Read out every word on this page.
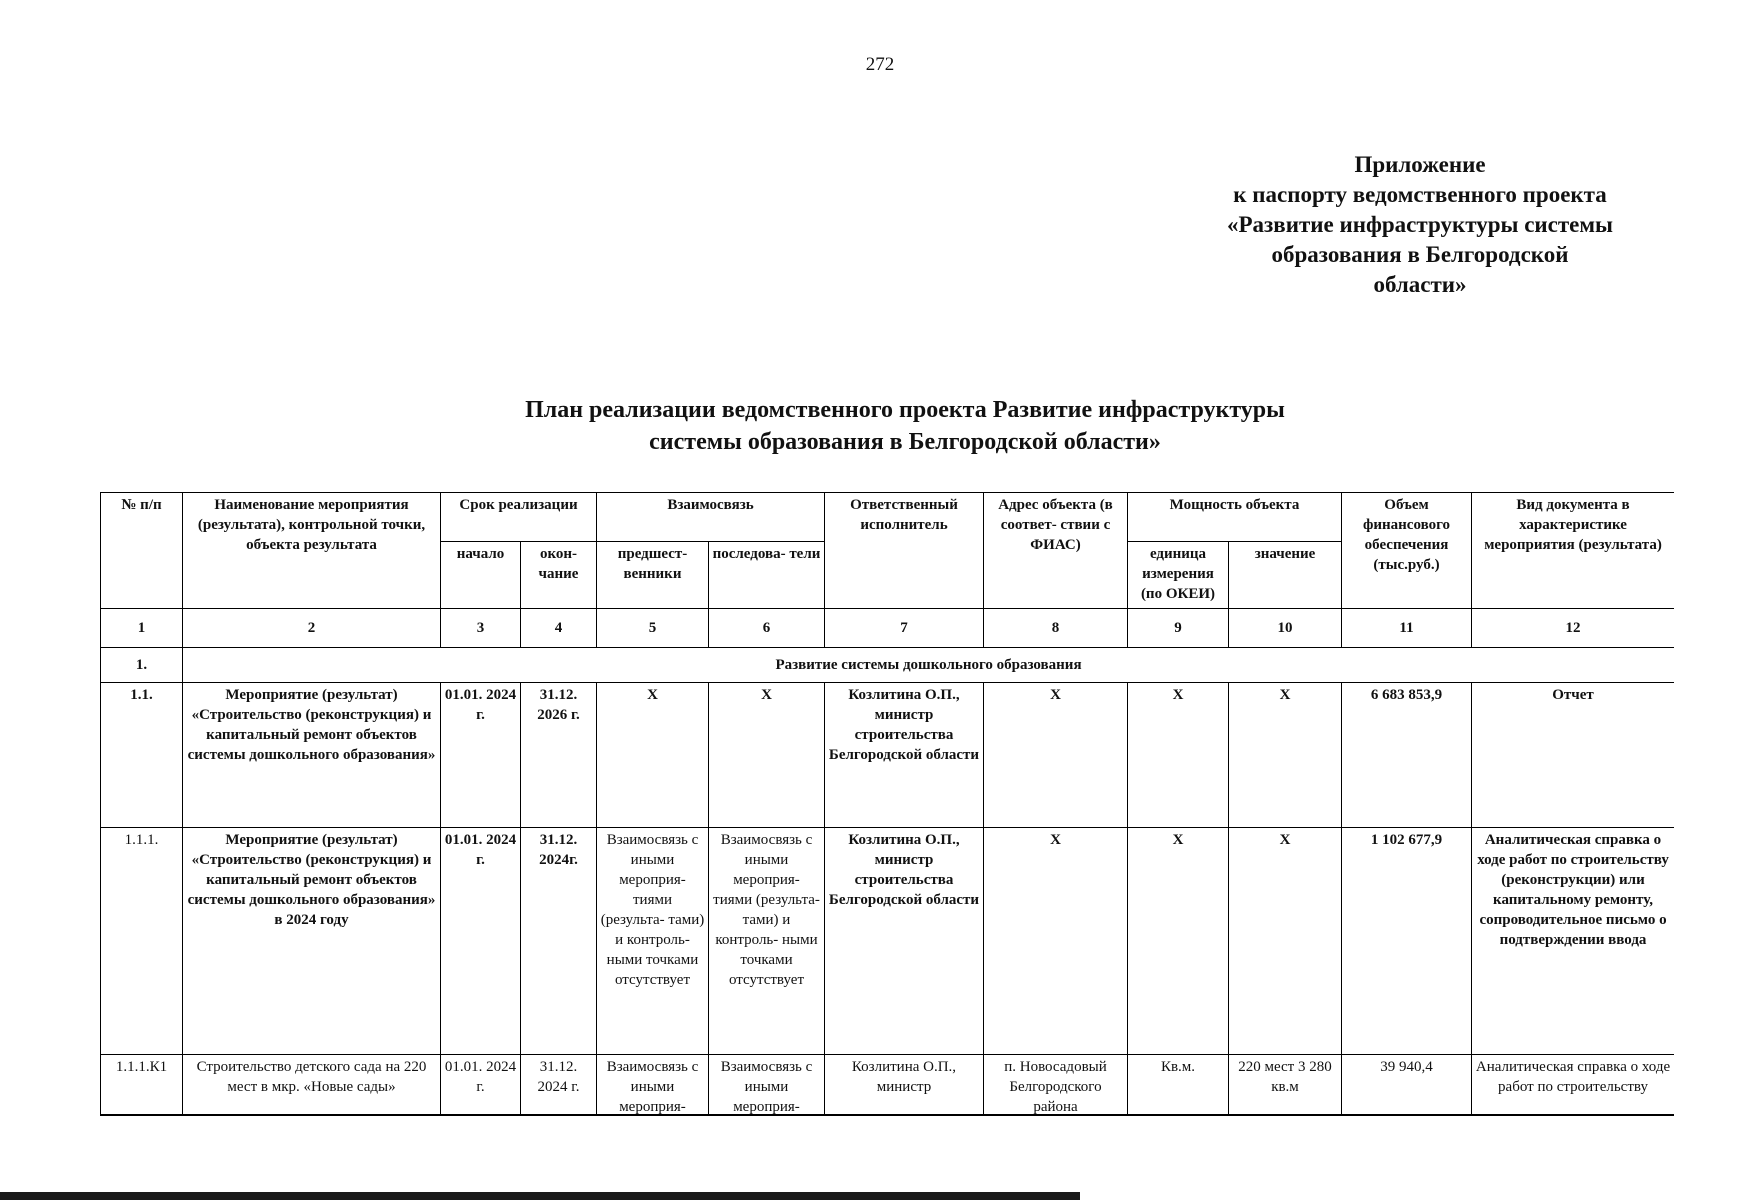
272
Приложение
к паспорту ведомственного проекта
«Развитие инфраструктуры системы
образования в Белгородской
области»
План реализации ведомственного проекта Развитие инфраструктуры
системы образования в Белгородской области»
№ п/п	Наименование мероприятия (результата), контрольной точки, объекта результата	Срок реализации		Взаимосвязь		Ответственный исполнитель	Адрес объекта (в соответ- ствии с ФИАС)	Мощность объекта		Объем финансового обеспечения (тыс.руб.)	Вид документа в характеристике мероприятия (результата)
		начало	окон- чание	предшест- венники	последова- тели			единица измерения (по ОКЕИ)	значение		
1	2	3	4	5	6	7	8	9	10	11	12
1.	Развитие системы дошкольного образования										
1.1.	Мероприятие (результат) «Строительство (реконструкция) и капитальный ремонт объектов системы дошкольного образования»	01.01. 2024 г.	31.12. 2026 г.	Х	Х	Козлитина О.П., министр строительства Белгородской области	Х	Х	Х	6 683 853,9	Отчет
1.1.1.	Мероприятие (результат) «Строительство (реконструкция) и капитальный ремонт объектов системы дошкольного образования» в 2024 году	01.01. 2024 г.	31.12. 2024г.	Взаимосвязь с иными мероприя- тиями (результа- тами) и контроль- ными точками отсутствует	Взаимосвязь с иными мероприя- тиями (результа- тами) и контроль- ными точками отсутствует	Козлитина О.П., министр строительства Белгородской области	Х	Х	Х	1 102 677,9	Аналитическая справка о ходе работ по строительству (реконструкции) или капитальному ремонту, сопроводительное письмо о подтверждении ввода
1.1.1.К1	Строительство детского сада на 220 мест в мкр. «Новые сады»	01.01. 2024 г.	31.12. 2024 г.	Взаимосвязь с иными мероприя-	Взаимосвязь с иными мероприя-	Козлитина О.П., министр	п. Новосадовый Белгородского района	Кв.м.	220 мест 3 280 кв.м	39 940,4	Аналитическая справка о ходе работ по строительству
